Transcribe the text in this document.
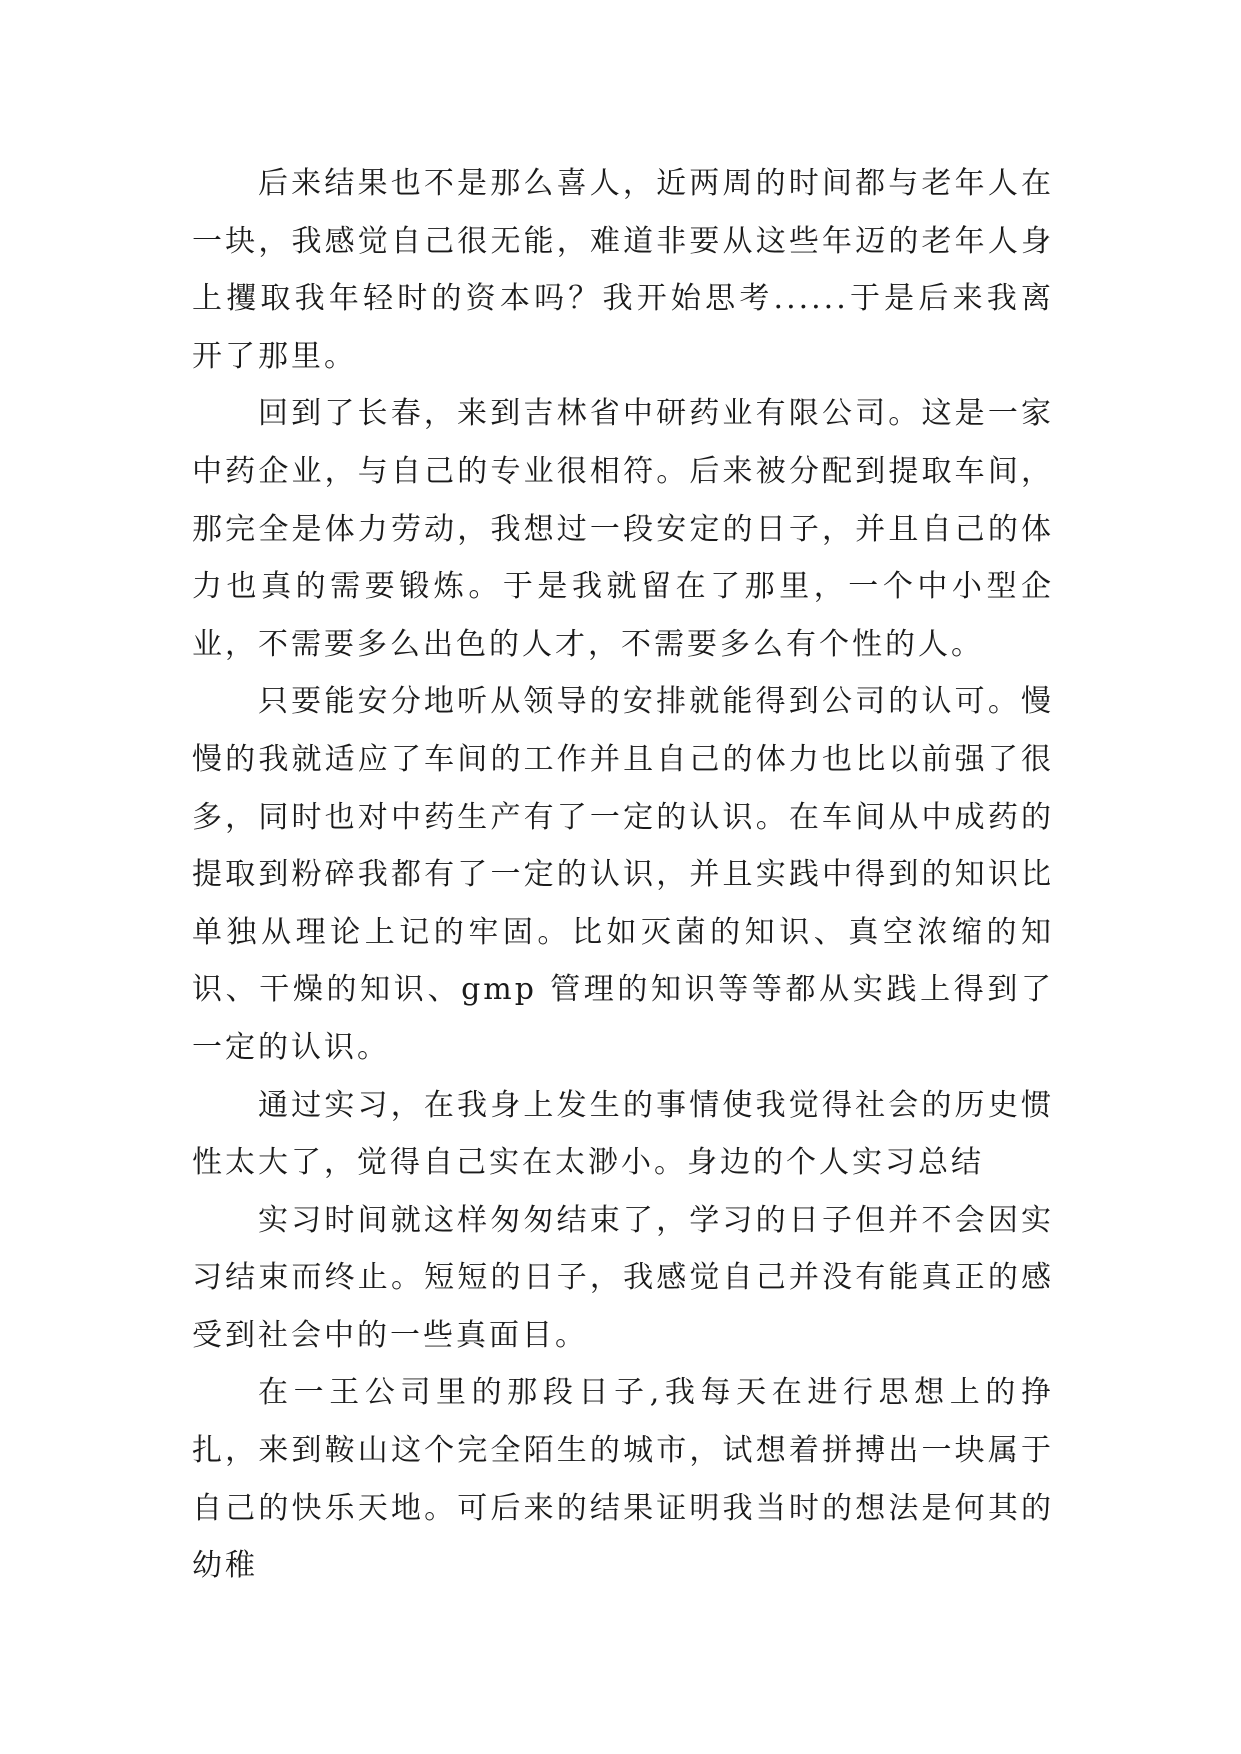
后来结果也不是那么喜人，近两周的时间都与老年人在一块，我感觉自己很无能，难道非要从这些年迈的老年人身上攫取我年轻时的资本吗？我开始思考......于是后来我离开了那里。

回到了长春，来到吉林省中研药业有限公司。这是一家中药企业，与自己的专业很相符。后来被分配到提取车间，那完全是体力劳动，我想过一段安定的日子，并且自己的体力也真的需要锻炼。于是我就留在了那里，一个中小型企业，不需要多么出色的人才，不需要多么有个性的人。

只要能安分地听从领导的安排就能得到公司的认可。慢慢的我就适应了车间的工作并且自己的体力也比以前强了很多，同时也对中药生产有了一定的认识。在车间从中成药的提取到粉碎我都有了一定的认识，并且实践中得到的知识比单独从理论上记的牢固。比如灭菌的知识、真空浓缩的知识、干燥的知识、gmp 管理的知识等等都从实践上得到了一定的认识。

通过实习，在我身上发生的事情使我觉得社会的历史惯性太大了，觉得自己实在太渺小。身边的个人实习总结

实习时间就这样匆匆结束了，学习的日子但并不会因实习结束而终止。短短的日子，我感觉自己并没有能真正的感受到社会中的一些真面目。

在一王公司里的那段日子,我每天在进行思想上的挣扎，来到鞍山这个完全陌生的城市，试想着拼搏出一块属于自己的快乐天地。可后来的结果证明我当时的想法是何其的幼稚
